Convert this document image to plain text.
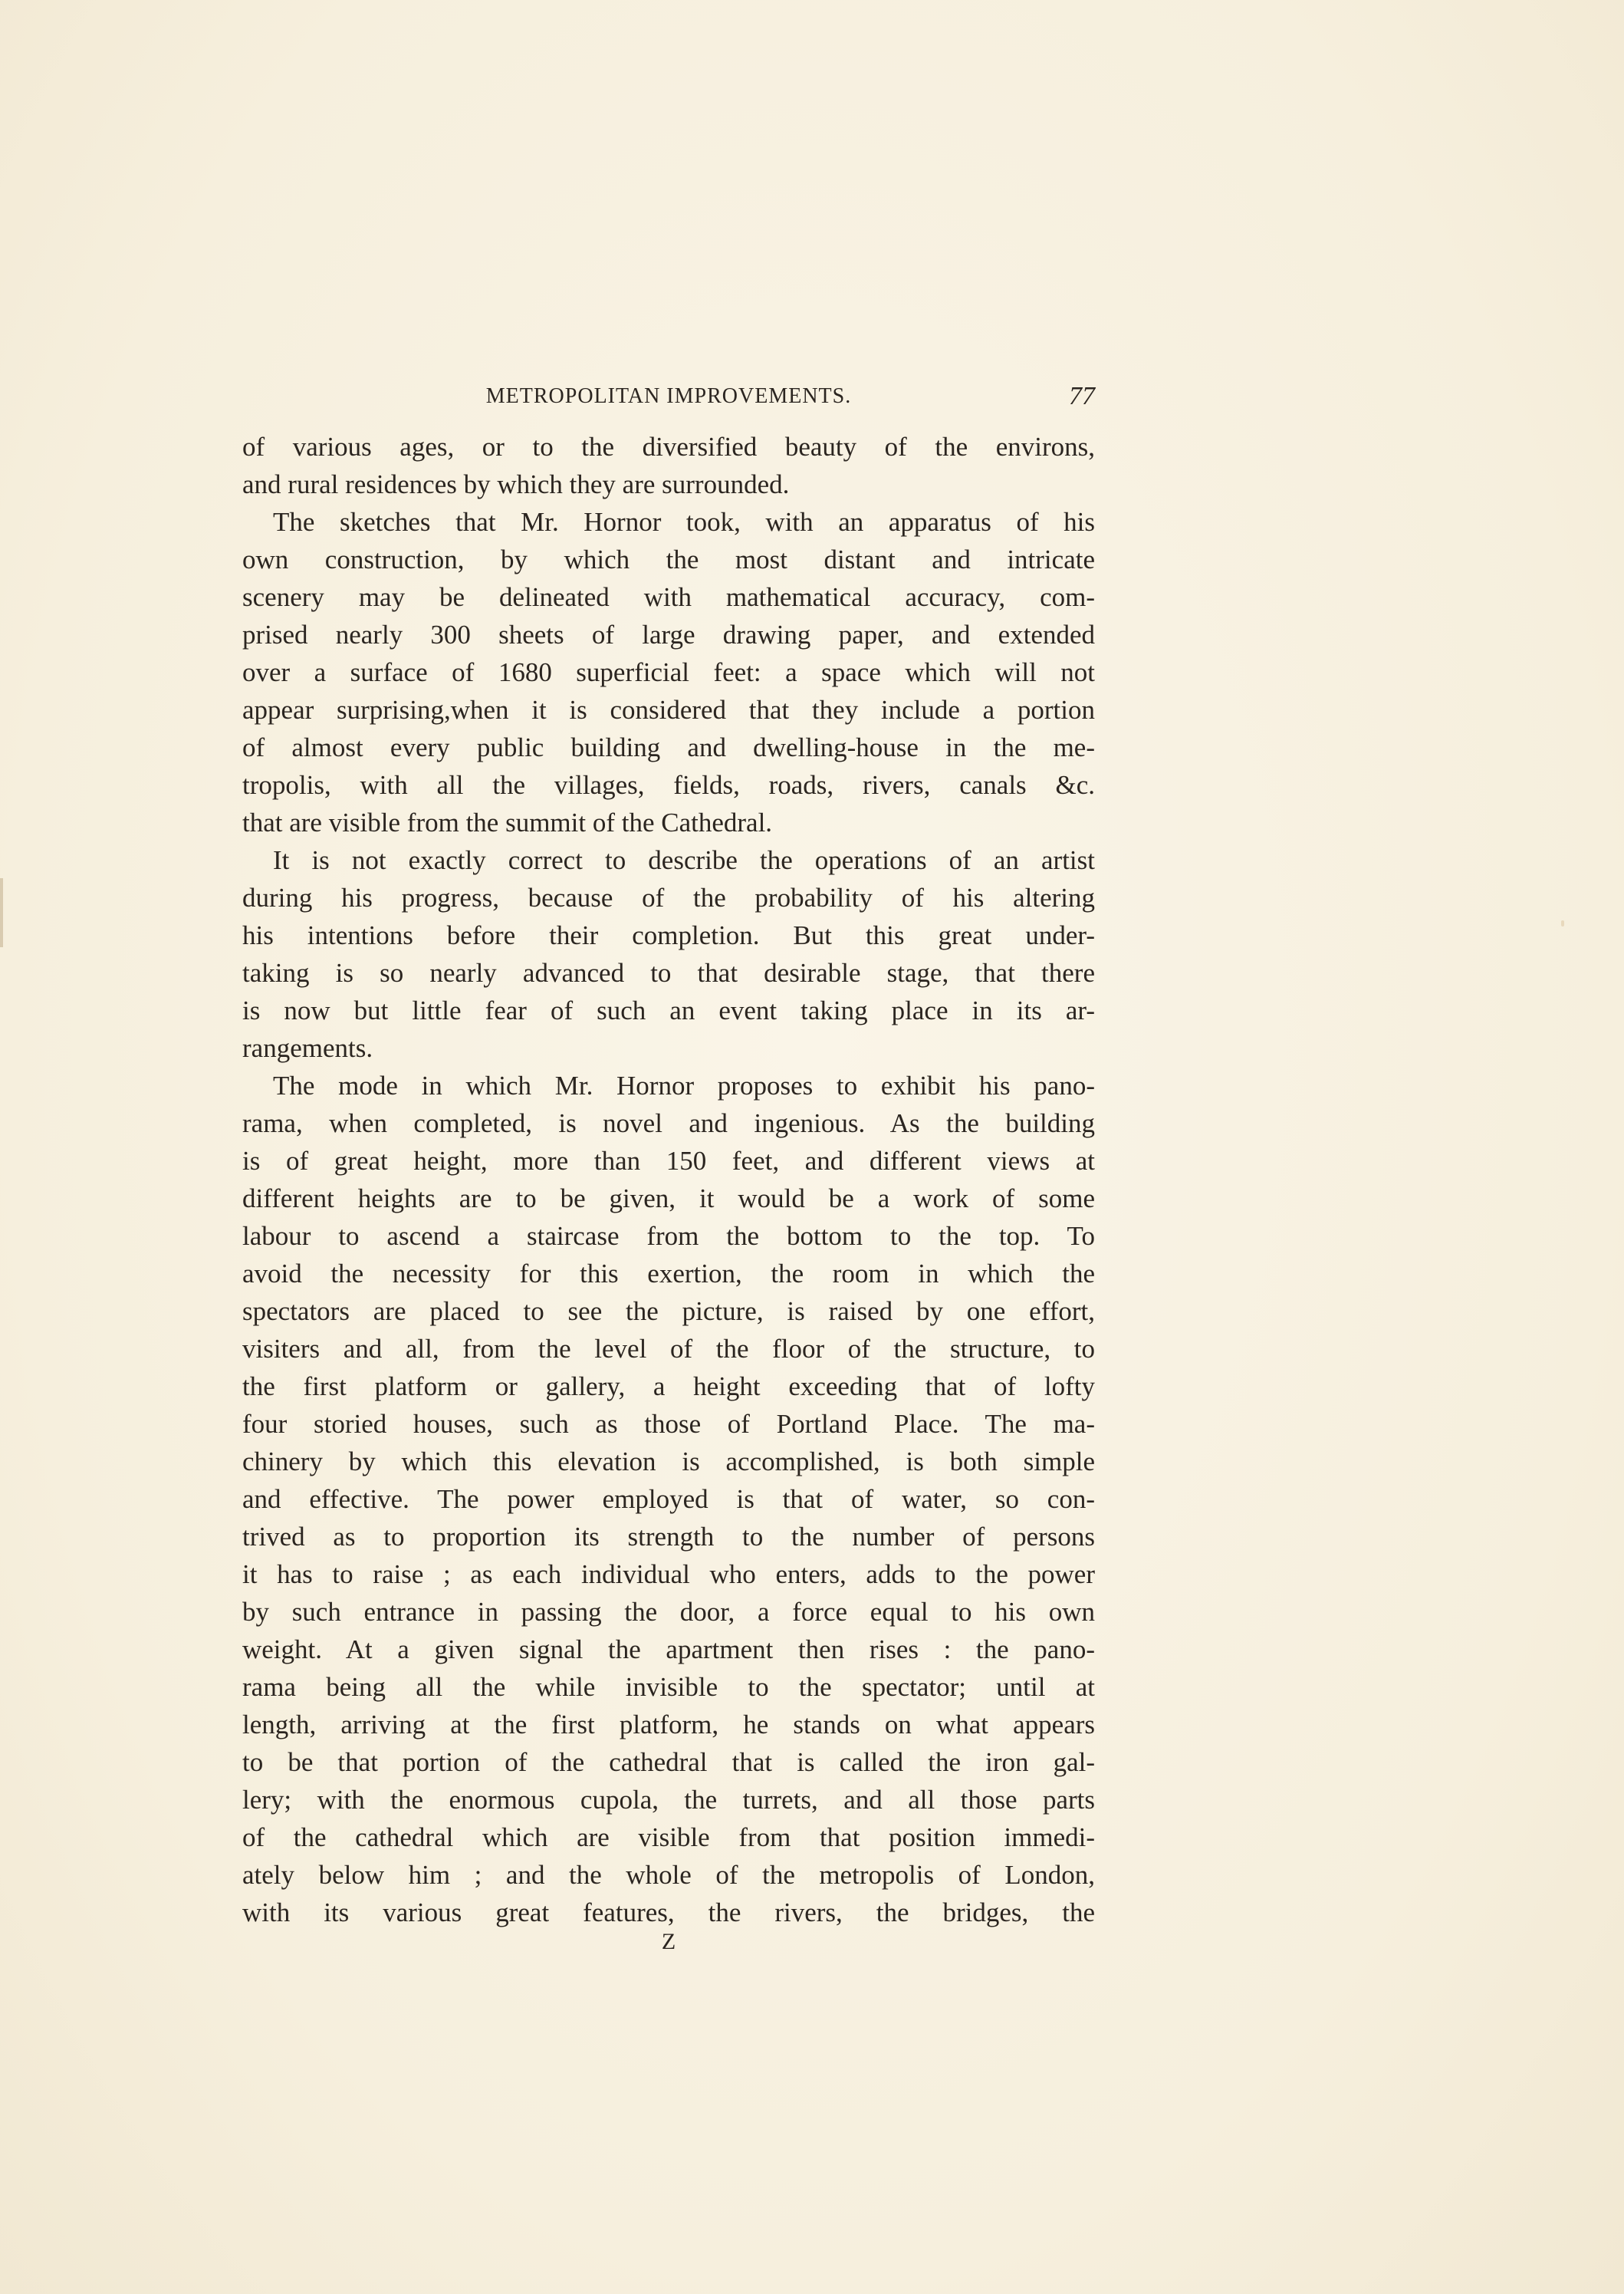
METROPOLITAN IMPROVEMENTS.	77
of various ages, or to the diversified beauty of the environs,
and rural residences by which they are surrounded.
The sketches that Mr. Hornor took, with an apparatus of his
own construction, by which the most distant and intricate
scenery may be delineated with mathematical accuracy, com-
prised nearly 300 sheets of large drawing paper, and extended
over a surface of 1680 superficial feet: a space which will not
appear surprising,when it is considered that they include a portion
of almost every public building and dwelling-house in the me-
tropolis, with all the villages, fields, roads, rivers, canals &c.
that are visible from the summit of the Cathedral.
It is not exactly correct to describe the operations of an artist
during his progress, because of the probability of his altering
his intentions before their completion. But this great under-
taking is so nearly advanced to that desirable stage, that there
is now but little fear of such an event taking place in its ar-
rangements.
The mode in which Mr. Hornor proposes to exhibit his pano-
rama, when completed, is novel and ingenious. As the building
is of great height, more than 150 feet, and different views at
different heights are to be given, it would be a work of some
labour to ascend a staircase from the bottom to the top. To
avoid the necessity for this exertion, the room in which the
spectators are placed to see the picture, is raised by one effort,
visiters and all, from the level of the floor of the structure, to
the first platform or gallery, a height exceeding that of lofty
four storied houses, such as those of Portland Place. The ma-
chinery by which this elevation is accomplished, is both simple
and effective. The power employed is that of water, so con-
trived as to proportion its strength to the number of persons
it has to raise ; as each individual who enters, adds to the power
by such entrance in passing the door, a force equal to his own
weight. At a given signal the apartment then rises : the pano-
rama being all the while invisible to the spectator; until at
length, arriving at the first platform, he stands on what appears
to be that portion of the cathedral that is called the iron gal-
lery; with the enormous cupola, the turrets, and all those parts
of the cathedral which are visible from that position immedi-
ately below him ; and the whole of the metropolis of London,
with its various great features, the rivers, the bridges, the
Z
